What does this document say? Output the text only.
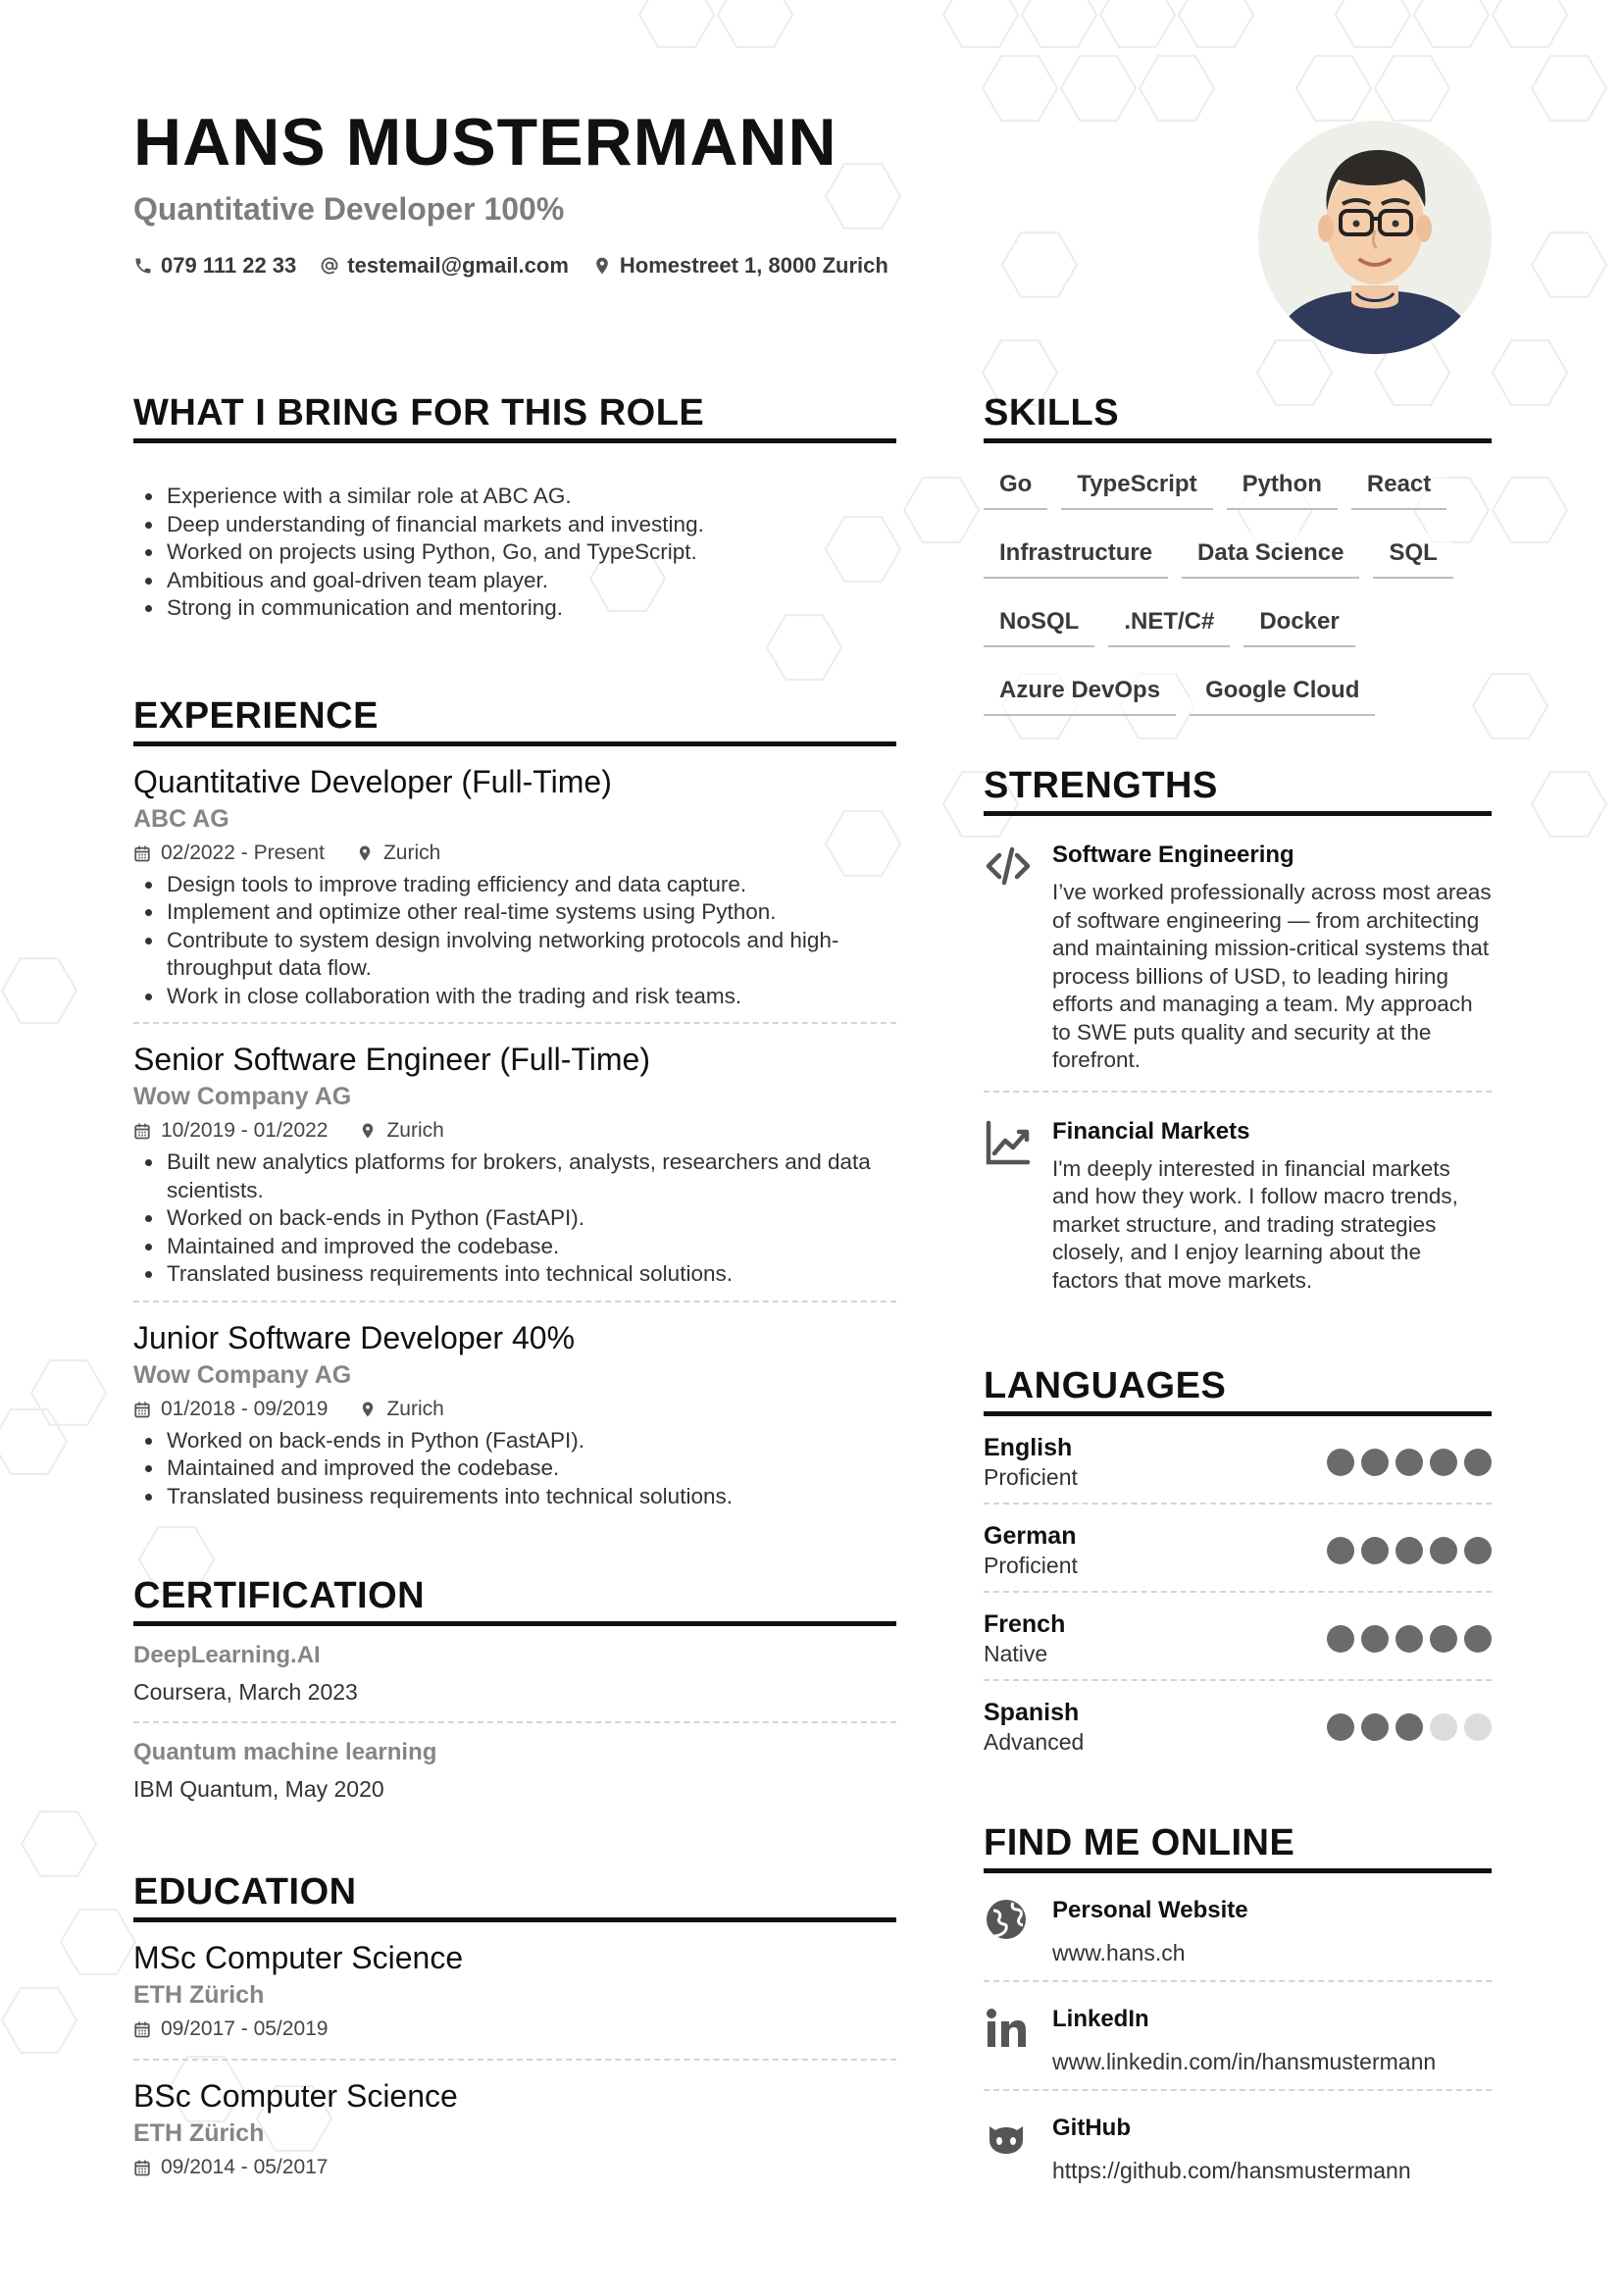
HANS MUSTERMANN
Quantitative Developer 100%
079 111 22 33 testemail@gmail.com Homestreet 1, 8000 Zurich
WHAT I BRING FOR THIS ROLE
• Experience with a similar role at ABC AG.
• Deep understanding of financial markets and investing.
• Worked on projects using Python, Go, and TypeScript.
• Ambitious and goal-driven team player.
• Strong in communication and mentoring.
EXPERIENCE
Quantitative Developer (Full-Time)
ABC AG
02/2022 - Present	Zurich
• Design tools to improve trading efficiency and data capture.
• Implement and optimize other real-time systems using Python.
• Contribute to system design involving networking protocols and high-throughput data flow.
• Work in close collaboration with the trading and risk teams.
Senior Software Engineer (Full-Time)
Wow Company AG
10/2019 - 01/2022	Zurich
• Built new analytics platforms for brokers, analysts, researchers and data scientists.
• Worked on back-ends in Python (FastAPI).
• Maintained and improved the codebase.
• Translated business requirements into technical solutions.
Junior Software Developer 40%
Wow Company AG
01/2018 - 09/2019	Zurich
• Worked on back-ends in Python (FastAPI).
• Maintained and improved the codebase.
• Translated business requirements into technical solutions.
CERTIFICATION
DeepLearning.AI
Coursera, March 2023
Quantum machine learning
IBM Quantum, May 2020
EDUCATION
MSc Computer Science
ETH Zürich
09/2017 - 05/2019
BSc Computer Science
ETH Zürich
09/2014 - 05/2017
SKILLS
Go	TypeScript	Python	React
Infrastructure	Data Science	SQL
NoSQL	.NET/C#	Docker
Azure DevOps	Google Cloud
STRENGTHS
Software Engineering
I’ve worked professionally across most areas of software engineering — from architecting and maintaining mission-critical systems that process billions of USD, to leading hiring efforts and managing a team. My approach to SWE puts quality and security at the forefront.
Financial Markets
I'm deeply interested in financial markets and how they work. I follow macro trends, market structure, and trading strategies closely, and I enjoy learning about the factors that move markets.
LANGUAGES
English
Proficient
German
Proficient
French
Native
Spanish
Advanced
FIND ME ONLINE
Personal Website
www.hans.ch
LinkedIn
www.linkedin.com/in/hansmustermann
GitHub
https://github.com/hansmustermann
